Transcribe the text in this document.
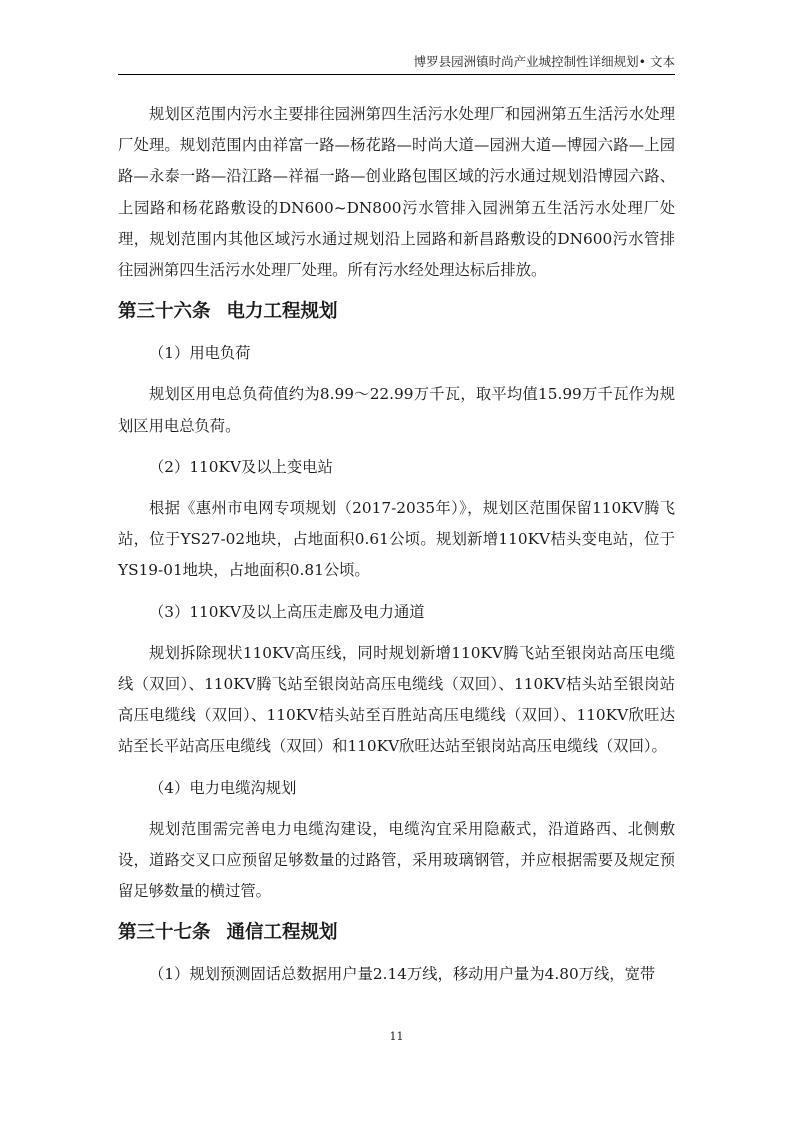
博罗县园洲镇时尚产业城控制性详细规划• 文本

规划区范围内污水主要排往园洲第四生活污水处理厂和园洲第五生活污水处理厂处理。规划范围内由祥富一路—杨花路—时尚大道—园洲大道—博园六路—上园路—永泰一路—沿江路—祥福一路—创业路包围区域的污水通过规划沿博园六路、上园路和杨花路敷设的DN600~DN800污水管排入园洲第五生活污水处理厂处理，规划范围内其他区域污水通过规划沿上园路和新昌路敷设的DN600污水管排往园洲第四生活污水处理厂处理。所有污水经处理达标后排放。

第三十六条 电力工程规划

（1）用电负荷

规划区用电总负荷值约为8.99～22.99万千瓦，取平均值15.99万千瓦作为规划区用电总负荷。

（2）110KV及以上变电站

根据《惠州市电网专项规划（2017-2035年）》，规划区范围保留110KV腾飞站，位于YS27-02地块，占地面积0.61公顷。规划新增110KV桔头变电站，位于YS19-01地块，占地面积0.81公顷。

（3）110KV及以上高压走廊及电力通道

规划拆除现状110KV高压线，同时规划新增110KV腾飞站至银岗站高压电缆线（双回）、110KV腾飞站至银岗站高压电缆线（双回）、110KV桔头站至银岗站高压电缆线（双回）、110KV桔头站至百胜站高压电缆线（双回）、110KV欣旺达站至长平站高压电缆线（双回）和110KV欣旺达站至银岗站高压电缆线（双回）。

（4）电力电缆沟规划

规划范围需完善电力电缆沟建设，电缆沟宜采用隐蔽式，沿道路西、北侧敷设，道路交叉口应预留足够数量的过路管，采用玻璃钢管，并应根据需要及规定预留足够数量的横过管。

第三十七条 通信工程规划

（1）规划预测固话总数据用户量2.14万线，移动用户量为4.80万线，宽带

11
